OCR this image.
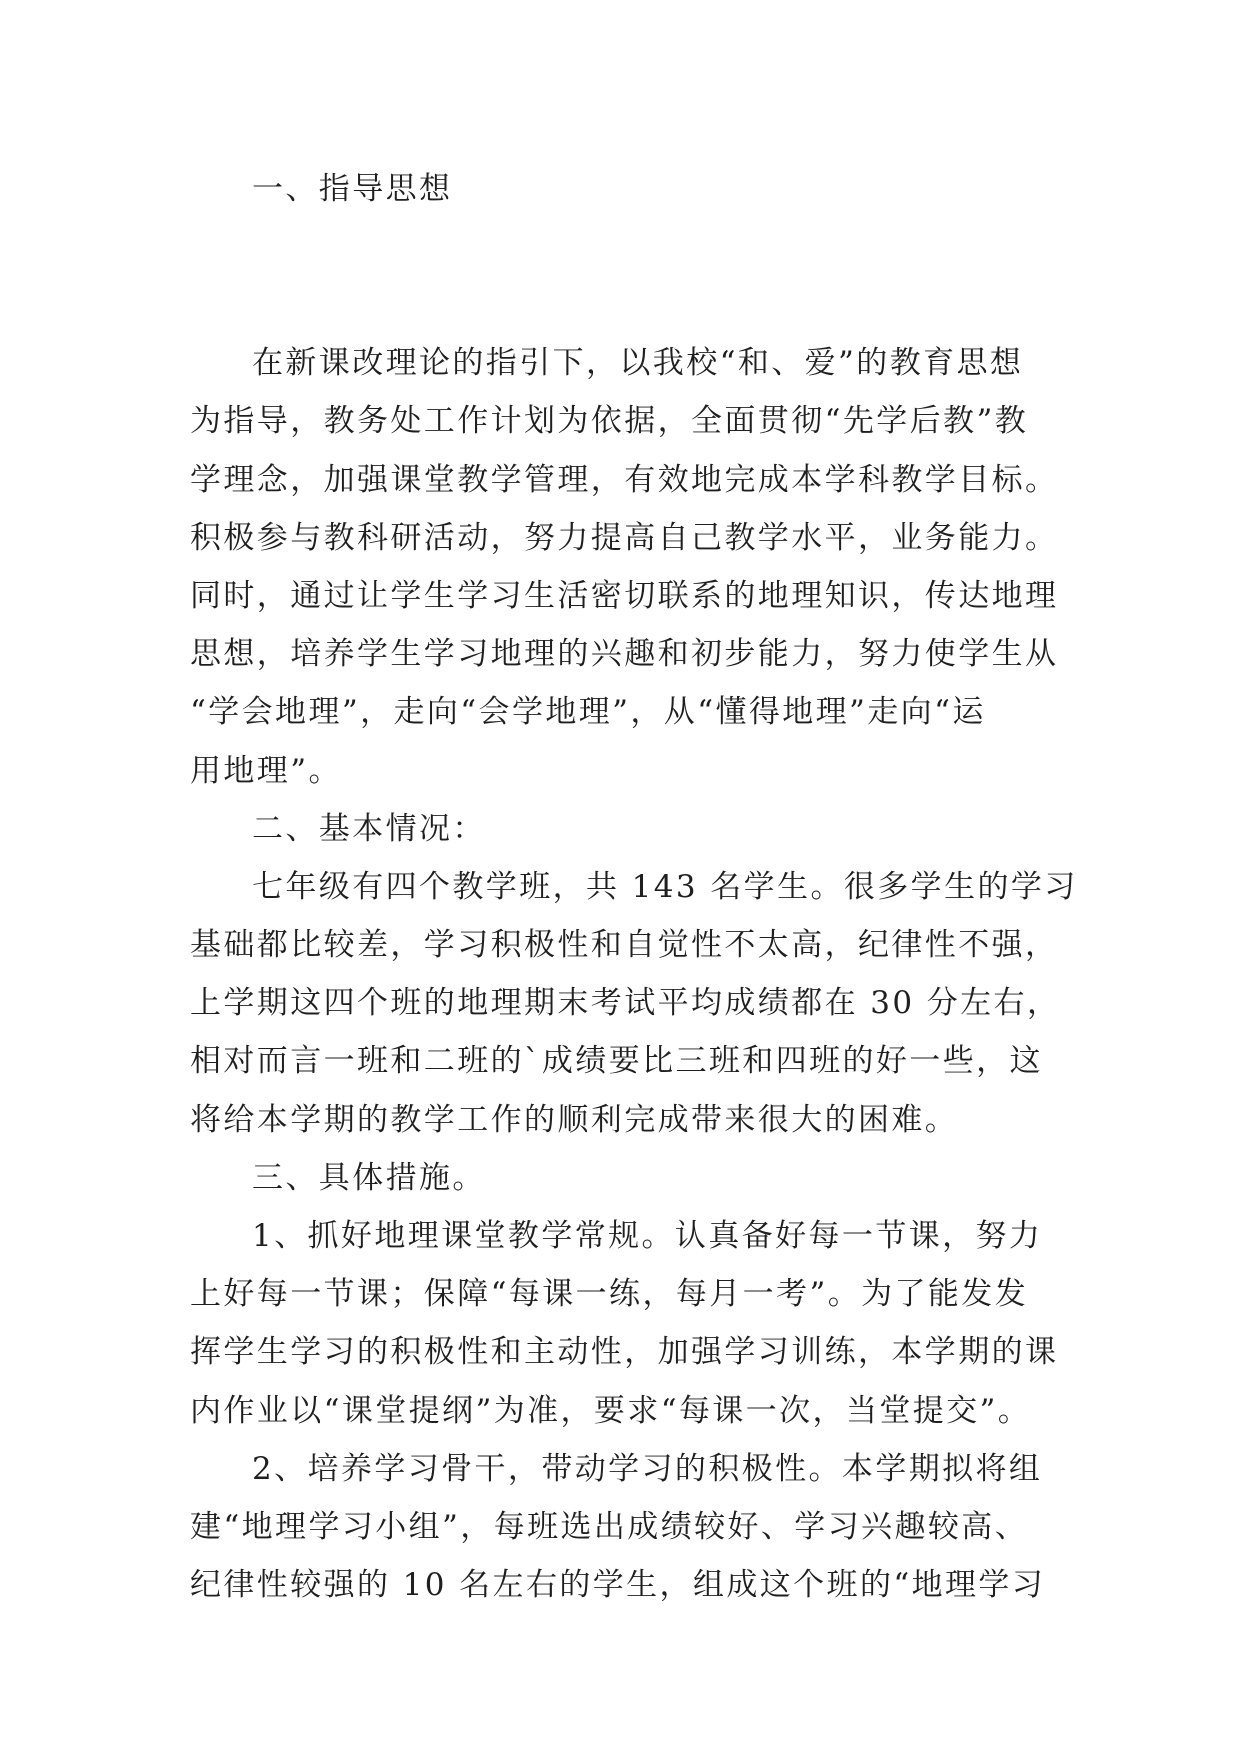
一、指导思想
在新课改理论的指引下，以我校“和、爱”的教育思想
为指导，教务处工作计划为依据，全面贯彻“先学后教”教
学理念，加强课堂教学管理，有效地完成本学科教学目标。
积极参与教科研活动，努力提高自己教学水平，业务能力。
同时，通过让学生学习生活密切联系的地理知识，传达地理
思想，培养学生学习地理的兴趣和初步能力，努力使学生从
“学会地理”，走向“会学地理”，从“懂得地理”走向“运
用地理”。
二、基本情况：
七年级有四个教学班，共 143 名学生。很多学生的学习
基础都比较差，学习积极性和自觉性不太高，纪律性不强，
上学期这四个班的地理期末考试平均成绩都在 30 分左右，
相对而言一班和二班的`成绩要比三班和四班的好一些，这
将给本学期的教学工作的顺利完成带来很大的困难。
三、具体措施。
1、抓好地理课堂教学常规。认真备好每一节课，努力
上好每一节课；保障“每课一练，每月一考”。为了能发发
挥学生学习的积极性和主动性，加强学习训练，本学期的课
内作业以“课堂提纲”为准，要求“每课一次，当堂提交”。
2、培养学习骨干，带动学习的积极性。本学期拟将组
建“地理学习小组”，每班选出成绩较好、学习兴趣较高、
纪律性较强的 10 名左右的学生，组成这个班的“地理学习
